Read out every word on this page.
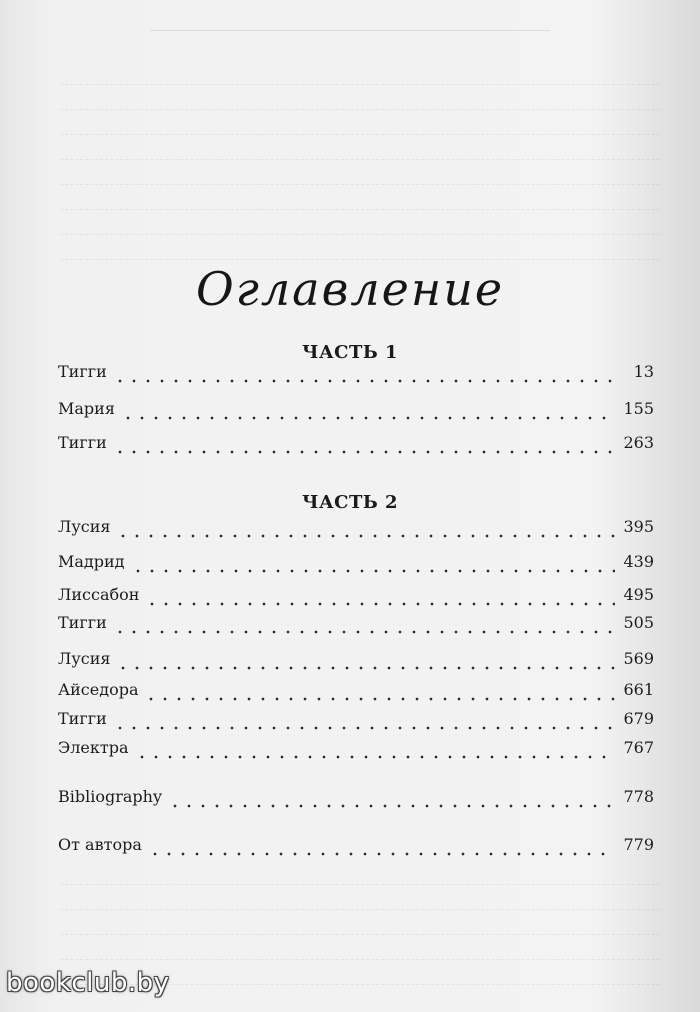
Оглавление
ЧАСТЬ 1
Тигги	13
Мария	155
Тигги	263
ЧАСТЬ 2
Лусия	395
Мадрид	439
Лиссабон	495
Тигги	505
Лусия	569
Айседора	661
Тигги	679
Электра	767
Bibliography	778
От автора	779
bookclub.by
